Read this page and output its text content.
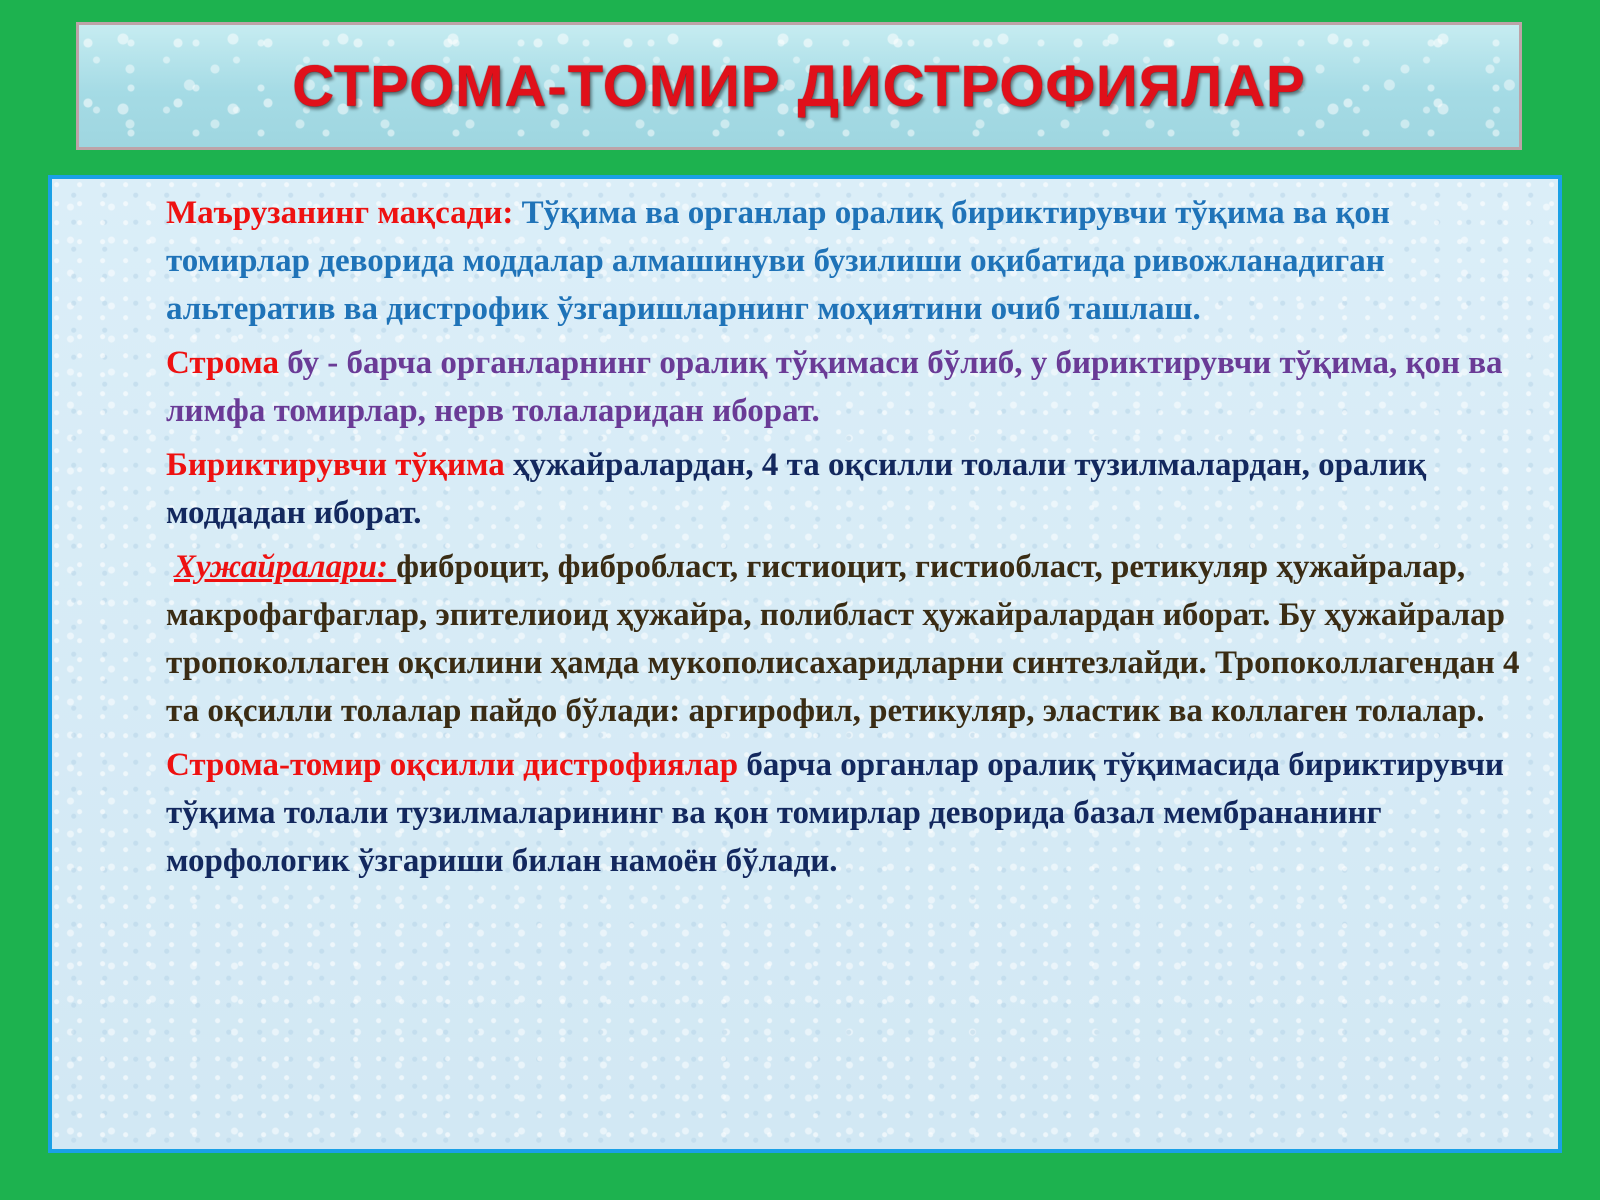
СТРОМА-ТОМИР ДИСТРОФИЯЛАР

Маърузанинг мақсади: Тўқима ва органлар оралиқ бириктирувчи тўқима ва қон томирлар деворида моддалар алмашинуви бузилиши оқибатида ривожланадиган альтератив ва дистрофик ўзгаришларнинг моҳиятини очиб ташлаш.

Строма бу - барча органларнинг оралиқ тўқимаси бўлиб, у бириктирувчи тўқима, қон ва лимфа томирлар, нерв толаларидан иборат.

Бириктирувчи тўқима ҳужайралардан, 4 та оқсилли толали тузилмалардан, оралиқ моддадан иборат.

Хужайралари: фиброцит, фибробласт, гистиоцит, гистиобласт, ретикуляр ҳужайралар, макрофагфаглар, эпителиоид ҳужайра, полибласт ҳужайралардан иборат. Бу ҳужайралар тропоколлаген оқсилини ҳамда мукополисахаридларни синтезлайди. Тропоколлагендан 4 та оқсилли толалар пайдо бўлади: аргирофил, ретикуляр, эластик ва коллаген толалар.

Строма-томир оқсилли дистрофиялар барча органлар оралиқ тўқимасида бириктирувчи тўқима толали тузилмаларининг ва қон томирлар деворида базал мембрананинг морфологик ўзгариши билан намоён бўлади.
